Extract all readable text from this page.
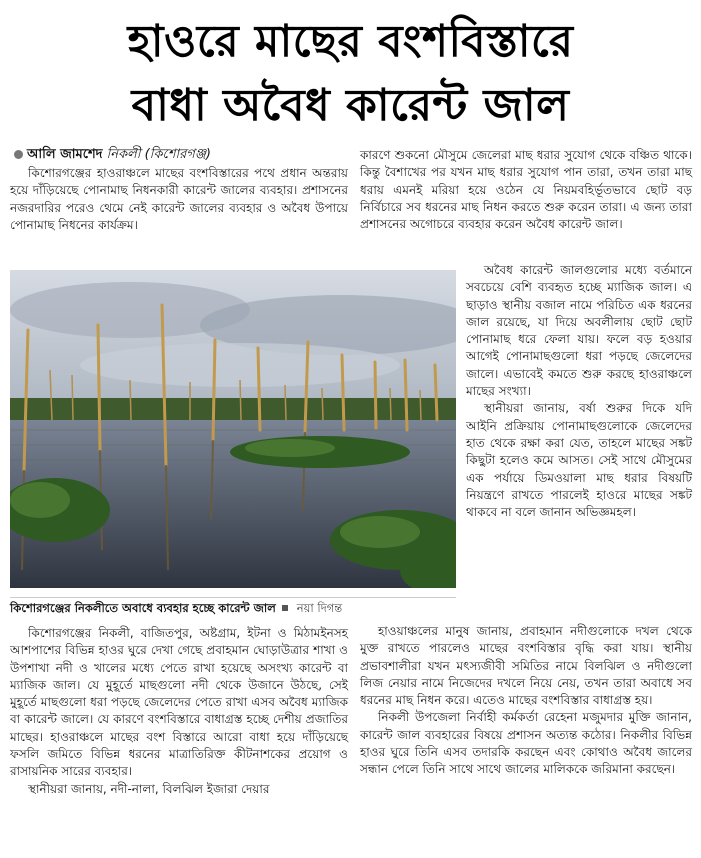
হাওরে মাছের বংশবিস্তারে
বাধা অবৈধ কারেন্ট জাল
আলি জামশেদ নিকলী (কিশোরগঞ্জ)

কিশোরগঞ্জের হাওরাঞ্চলে মাছের বংশবিস্তারের পথে প্রধান অন্তরায় হয়ে দাঁড়িয়েছে পোনামাছ নিধনকারী কারেন্ট জালের ব্যবহার। প্রশাসনের নজরদারির পরেও থেমে নেই কারেন্ট জালের ব্যবহার ও অবৈধ উপায়ে পোনামাছ নিধনের কার্যক্রম।

কিশোরগঞ্জের নিকলীতে অবাধে ব্যবহার হচ্ছে কারেন্ট জাল নয়া দিগন্ত

কিশোরগঞ্জের নিকলী, বাজিতপুর, অষ্টগ্রাম, ইটনা ও মিঠামইনসহ আশপাশের বিভিন্ন হাওর ঘুরে দেখা গেছে প্রবাহমান ঘোড়াউত্রার শাখা ও উপশাখা নদী ও খালের মধ্যে পেতে রাখা হয়েছে অসংখ্য কারেন্ট বা ম্যাজিক জাল। যে মুহূর্তে মাছগুলো নদী থেকে উজানে উঠছে, সেই মুহূর্তে মাছগুলো ধরা পড়ছে জেলেদের পেতে রাখা এসব অবৈধ ম্যাজিক বা কারেন্ট জালে। যে কারণে বংশবিস্তারে বাধাগ্রস্ত হচ্ছে দেশীয় প্রজাতির মাছের। হাওরাঞ্চলে মাছের বংশ বিস্তারে আরো বাধা হয়ে দাঁড়িয়েছে ফসলি জমিতে বিভিন্ন ধরনের মাত্রাতিরিক্ত কীটনাশকের প্রয়োগ ও রাসায়নিক সারের ব্যবহার।

স্থানীয়রা জানায়, নদী-নালা, বিলঝিল ইজারা দেয়ার

কারণে শুকনো মৌসুমে জেলেরা মাছ ধরার সুযোগ থেকে বঞ্চিত থাকে। কিন্তু বৈশাখের পর যখন মাছ ধরার সুযোগ পান তারা, তখন তারা মাছ ধরায় এমনই মরিয়া হয়ে ওঠেন যে নিয়মবহির্ভূতভাবে ছোট বড় নির্বিচারে সব ধরনের মাছ নিধন করতে শুরু করেন তারা। এ জন্য তারা প্রশাসনের অগোচরে ব্যবহার করেন অবৈধ কারেন্ট জাল।

অবৈধ কারেন্ট জালগুলোর মধ্যে বর্তমানে সবচেয়ে বেশি ব্যবহৃত হচ্ছে ম্যাজিক জাল। এ ছাড়াও স্থানীয় বজাল নামে পরিচিত এক ধরনের জাল রয়েছে, যা দিয়ে অবলীলায় ছোট ছোট পোনামাছ ধরে ফেলা যায়। ফলে বড় হওয়ার আগেই পোনামাছগুলো ধরা পড়ছে জেলেদের জালে। এভাবেই কমতে শুরু করছে হাওরাঞ্চলে মাছের সংখ্যা।

স্থানীয়রা জানায়, বর্ষা শুরুর দিকে যদি আইনি প্রক্রিয়ায় পোনামাছগুলোকে জেলেদের হাত থেকে রক্ষা করা যেত, তাহলে মাছের সঙ্কট কিছুটা হলেও কমে আসত। সেই সাথে মৌসুমের এক পর্যায়ে ডিমওয়ালা মাছ ধরার বিষয়টি নিয়ন্ত্রণে রাখতে পারলেই হাওরে মাছের সঙ্কট থাকবে না বলে জানান অভিজ্ঞমহল।

হাওয়াঞ্চলের মানুষ জানায়, প্রবাহমান নদীগুলোকে দখল থেকে মুক্ত রাখতে পারলেও মাছের বংশবিস্তার বৃদ্ধি করা যায়। স্থানীয় প্রভাবশালীরা যখন মৎস্যজীবী সমিতির নামে বিলঝিল ও নদীগুলো লিজ নেয়ার নামে নিজেদের দখলে নিয়ে নেয়, তখন তারা অবাধে সব ধরনের মাছ নিধন করে। এতেও মাছের বংশবিস্তার বাধাগ্রস্ত হয়।

নিকলী উপজেলা নির্বাহী কর্মকর্তা রেহেনা মজুমদার মুক্তি জানান, কারেন্ট জাল ব্যবহারের বিষয়ে প্রশাসন অত্যন্ত কঠোর। নিকলীর বিভিন্ন হাওর ঘুরে তিনি এসব তদারকি করছেন এবং কোথাও অবৈধ জালের সন্ধান পেলে তিনি সাথে সাথে জালের মালিককে জরিমানা করছেন।
